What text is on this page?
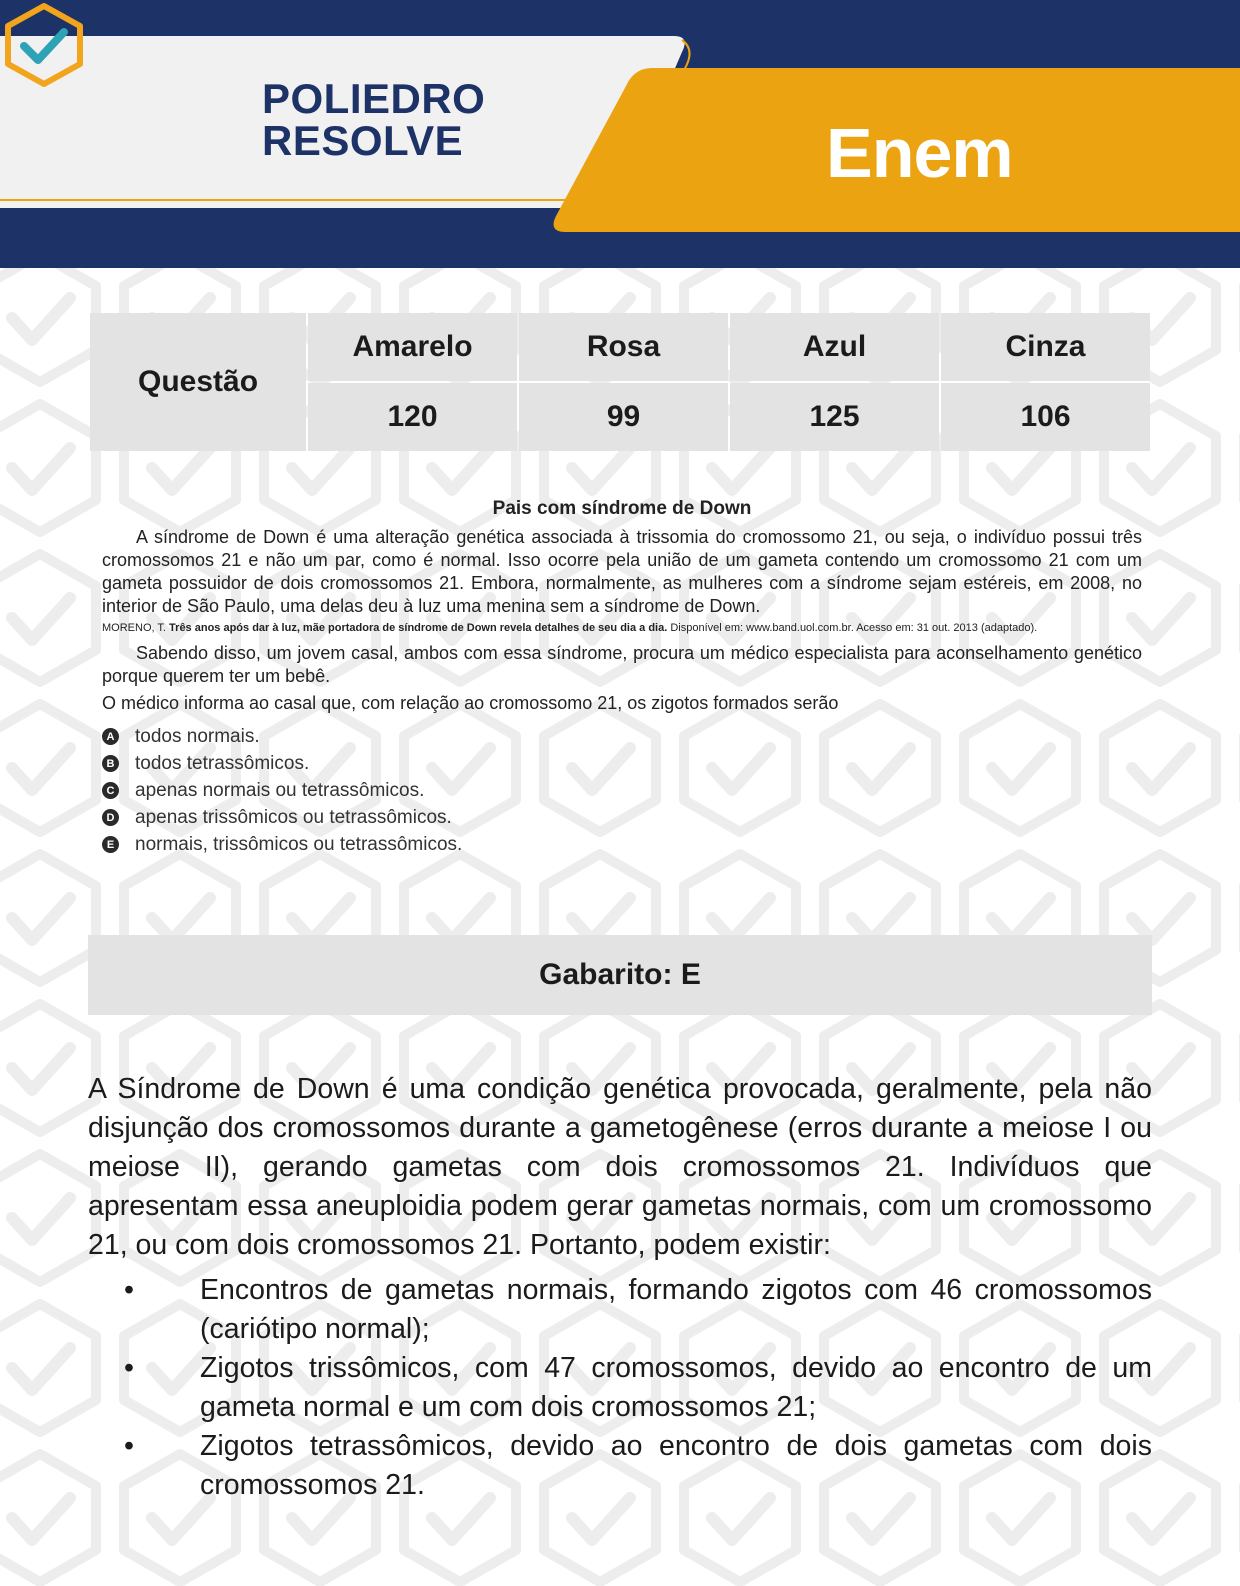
POLIEDRO
RESOLVE	Enem
Questão	Amarelo	Rosa	Azul	Cinza
	120	99	125	106

Pais com síndrome de Down

A síndrome de Down é uma alteração genética associada à trissomia do cromossomo 21, ou seja, o indivíduo possui três cromossomos 21 e não um par, como é normal. Isso ocorre pela união de um gameta contendo um cromossomo 21 com um gameta possuidor de dois cromossomos 21. Embora, normalmente, as mulheres com a síndrome sejam estéreis, em 2008, no interior de São Paulo, uma delas deu à luz uma menina sem a síndrome de Down.

MORENO, T. Três anos após dar à luz, mãe portadora de síndrome de Down revela detalhes de seu dia a dia. Disponível em: www.band.uol.com.br. Acesso em: 31 out. 2013 (adaptado).

Sabendo disso, um jovem casal, ambos com essa síndrome, procura um médico especialista para aconselhamento genético porque querem ter um bebê.

O médico informa ao casal que, com relação ao cromossomo 21, os zigotos formados serão

A todos normais.
B todos tetrassômicos.
C apenas normais ou tetrassômicos.
D apenas trissômicos ou tetrassômicos.
E normais, trissômicos ou tetrassômicos.
Gabarito: E

A Síndrome de Down é uma condição genética provocada, geralmente, pela não disjunção dos cromossomos durante a gametogênese (erros durante a meiose I ou meiose II), gerando gametas com dois cromossomos 21. Indivíduos que apresentam essa aneuploidia podem gerar gametas normais, com um cromossomo 21, ou com dois cromossomos 21. Portanto, podem existir:

• Encontros de gametas normais, formando zigotos com 46 cromossomos (cariótipo normal);
• Zigotos trissômicos, com 47 cromossomos, devido ao encontro de um gameta normal e um com dois cromossomos 21;
• Zigotos tetrassômicos, devido ao encontro de dois gametas com dois cromossomos 21.
